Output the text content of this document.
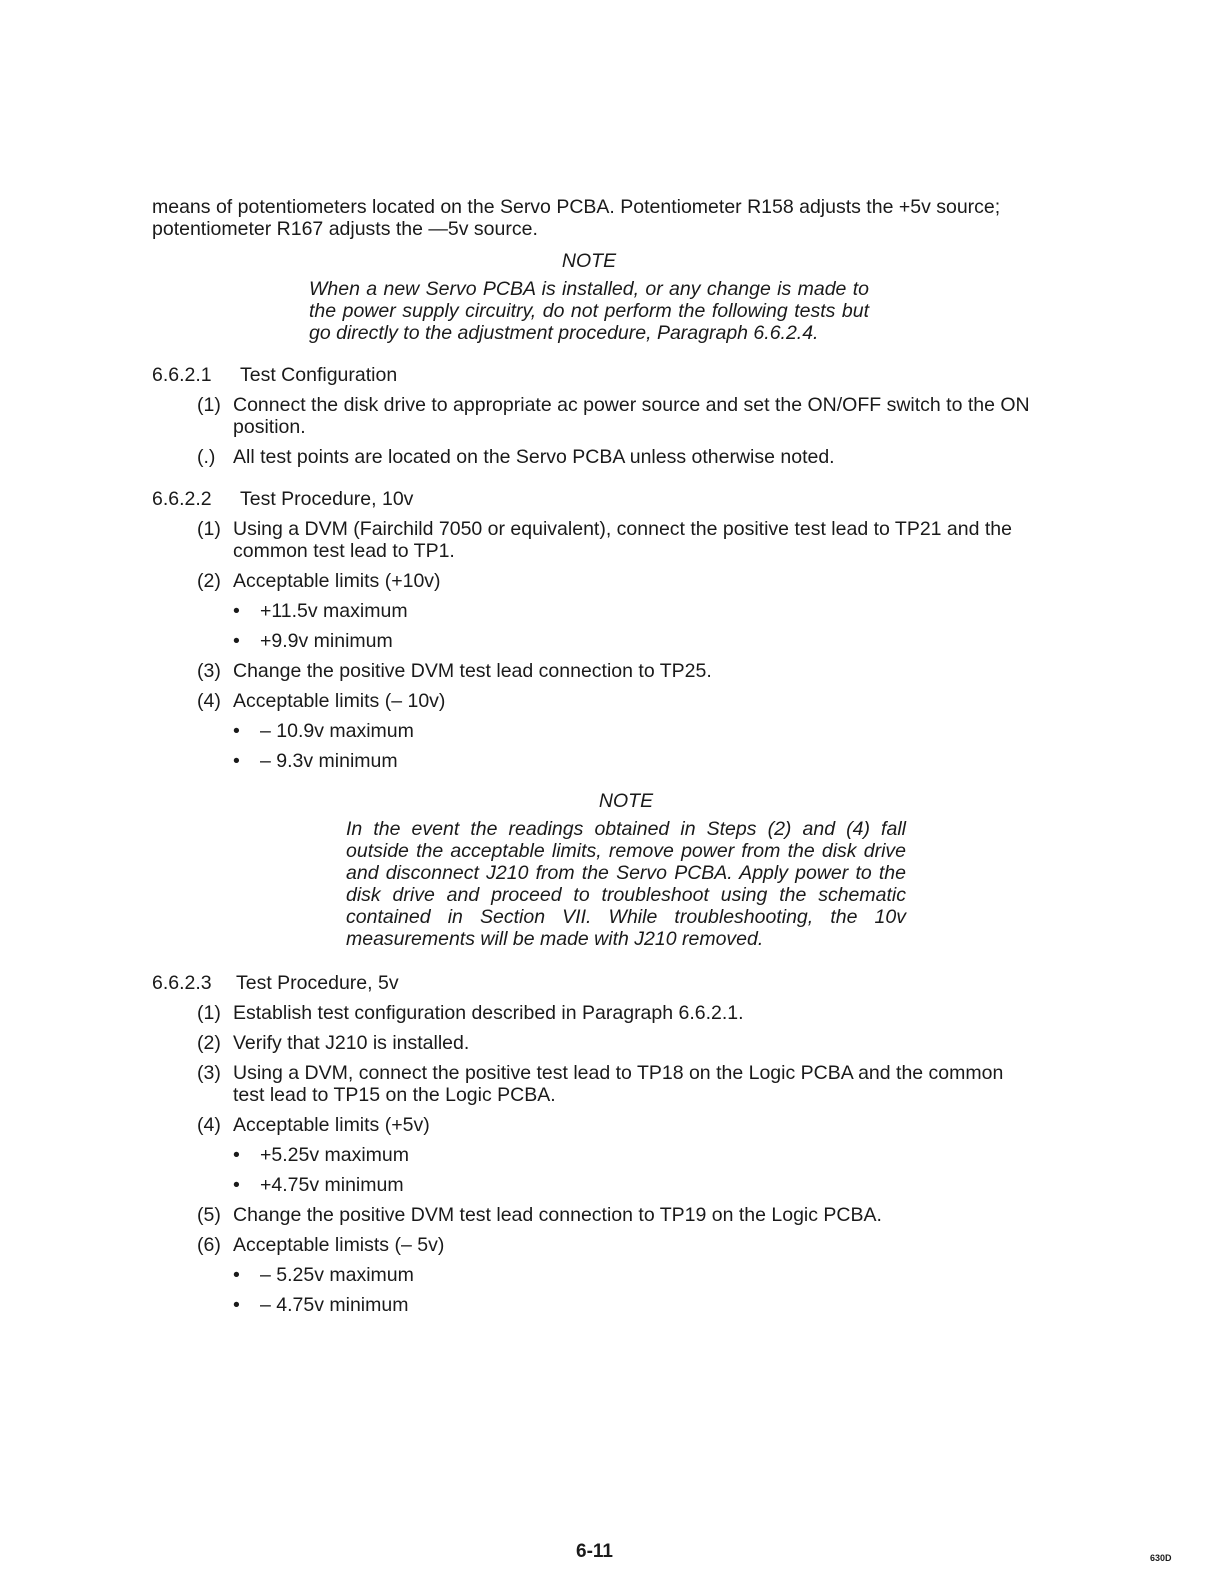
means of potentiometers located on the Servo PCBA. Potentiometer R158 adjusts the +5v source; potentiometer R167 adjusts the —5v source.

NOTE

When a new Servo PCBA is installed, or any change is made to the power supply circuitry, do not perform the following tests but go directly to the adjustment procedure, Paragraph 6.6.2.4.

6.6.2.1	Test Configuration
(1) Connect the disk drive to appropriate ac power source and set the ON/OFF switch to the ON position.
(.) All test points are located on the Servo PCBA unless otherwise noted.
6.6.2.2	Test Procedure, 10v
(1) Using a DVM (Fairchild 7050 or equivalent), connect the positive test lead to TP21 and the common test lead to TP1.
(2) Acceptable limits (+10v)
•	+11.5v maximum
•	+9.9v minimum
(3) Change the positive DVM test lead connection to TP25.
(4) Acceptable limits (– 10v)
•	– 10.9v maximum
•	– 9.3v minimum

NOTE

In the event the readings obtained in Steps (2) and (4) fall outside the acceptable limits, remove power from the disk drive and disconnect J210 from the Servo PCBA. Apply power to the disk drive and proceed to troubleshoot using the schematic contained in Section VII. While troubleshooting, the 10v measurements will be made with J210 removed.

6.6.2.3	Test Procedure, 5v
(1) Establish test configuration described in Paragraph 6.6.2.1.
(2) Verify that J210 is installed.
(3) Using a DVM, connect the positive test lead to TP18 on the Logic PCBA and the common test lead to TP15 on the Logic PCBA.
(4) Acceptable limits (+5v)
•	+5.25v maximum
•	+4.75v minimum
(5) Change the positive DVM test lead connection to TP19 on the Logic PCBA.
(6) Acceptable limists (– 5v)
•	– 5.25v maximum
•	– 4.75v minimum
6-11	630D
